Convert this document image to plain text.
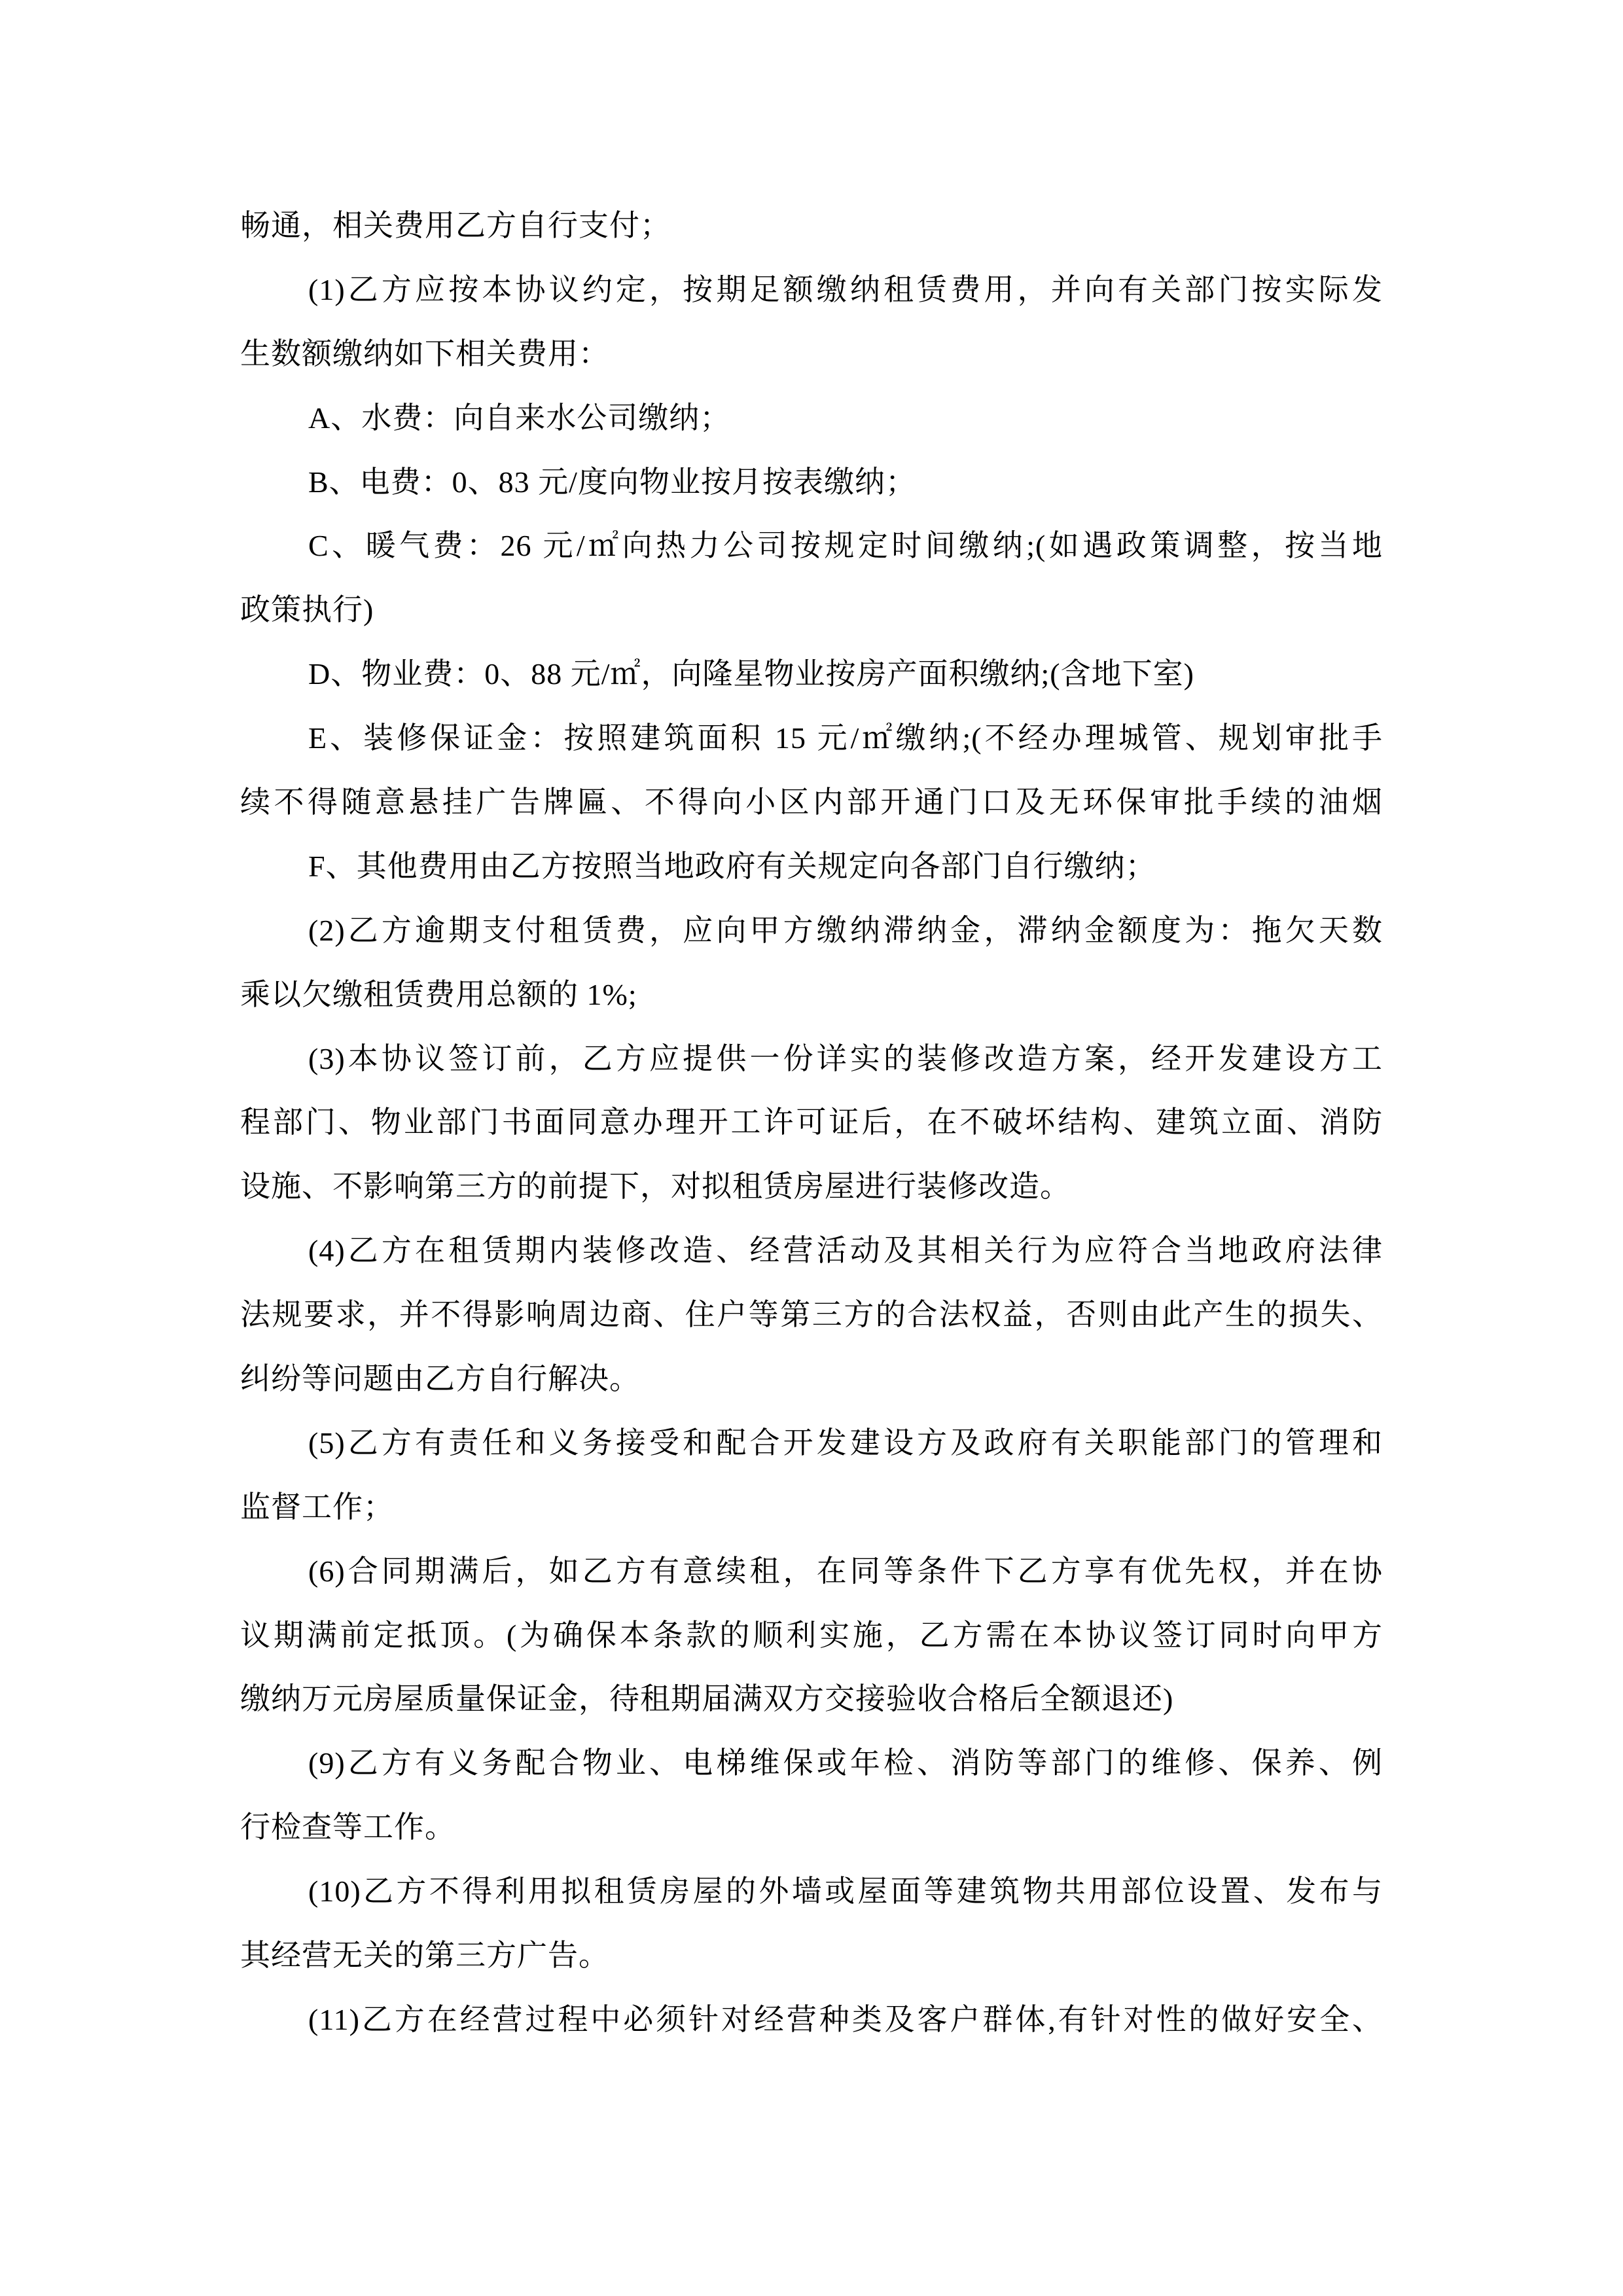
畅通，相关费用乙方自行支付；
(1)乙方应按本协议约定，按期足额缴纳租赁费用，并向有关部门按实际发
生数额缴纳如下相关费用：
A、水费：向自来水公司缴纳；
B、电费：0、83 元/度向物业按月按表缴纳；
C、暖气费：26 元/㎡向热力公司按规定时间缴纳;(如遇政策调整，按当地
政策执行)
D、物业费：0、88 元/㎡，向隆星物业按房产面积缴纳;(含地下室)
E、装修保证金：按照建筑面积 15 元/㎡缴纳;(不经办理城管、规划审批手
续不得随意悬挂广告牌匾、不得向小区内部开通门口及无环保审批手续的油烟
F、其他费用由乙方按照当地政府有关规定向各部门自行缴纳；
(2)乙方逾期支付租赁费，应向甲方缴纳滞纳金，滞纳金额度为：拖欠天数
乘以欠缴租赁费用总额的 1%;
(3)本协议签订前，乙方应提供一份详实的装修改造方案，经开发建设方工
程部门、物业部门书面同意办理开工许可证后，在不破坏结构、建筑立面、消防
设施、不影响第三方的前提下，对拟租赁房屋进行装修改造。
(4)乙方在租赁期内装修改造、经营活动及其相关行为应符合当地政府法律
法规要求，并不得影响周边商、住户等第三方的合法权益，否则由此产生的损失、
纠纷等问题由乙方自行解决。
(5)乙方有责任和义务接受和配合开发建设方及政府有关职能部门的管理和
监督工作；
(6)合同期满后，如乙方有意续租，在同等条件下乙方享有优先权，并在协
议期满前定抵顶。(为确保本条款的顺利实施，乙方需在本协议签订同时向甲方
缴纳万元房屋质量保证金，待租期届满双方交接验收合格后全额退还)
(9)乙方有义务配合物业、电梯维保或年检、消防等部门的维修、保养、例
行检查等工作。
(10)乙方不得利用拟租赁房屋的外墙或屋面等建筑物共用部位设置、发布与
其经营无关的第三方广告。
(11)乙方在经营过程中必须针对经营种类及客户群体,有针对性的做好安全、
